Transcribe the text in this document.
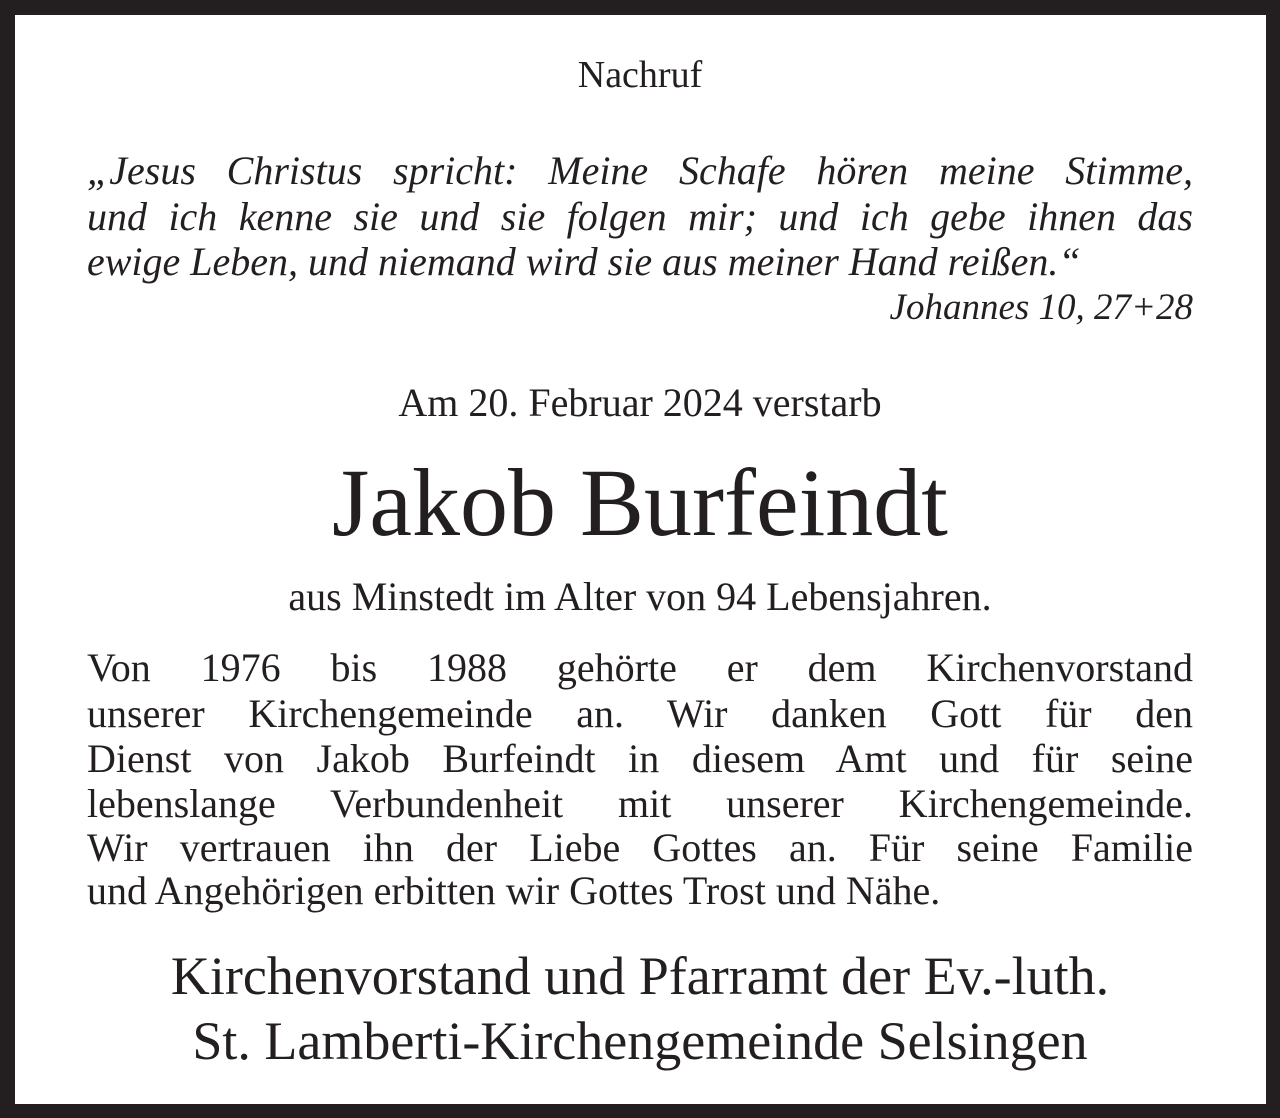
Nachruf

„Jesus Christus spricht: Meine Schafe hören meine Stimme,

und ich kenne sie und sie folgen mir; und ich gebe ihnen das

ewige Leben, und niemand wird sie aus meiner Hand reißen.“

Johannes 10, 27+28

Am 20. Februar 2024 verstarb

Jakob Burfeindt

aus Minstedt im Alter von 94 Lebensjahren.

Von 1976 bis 1988 gehörte er dem Kirchenvorstand

unserer Kirchengemeinde an. Wir danken Gott für den

Dienst von Jakob Burfeindt in diesem Amt und für seine

lebenslange Verbundenheit mit unserer Kirchengemeinde.

Wir vertrauen ihn der Liebe Gottes an. Für seine Familie

und Angehörigen erbitten wir Gottes Trost und Nähe.

Kirchenvorstand und Pfarramt der Ev.-luth.

St. Lamberti-Kirchengemeinde Selsingen
